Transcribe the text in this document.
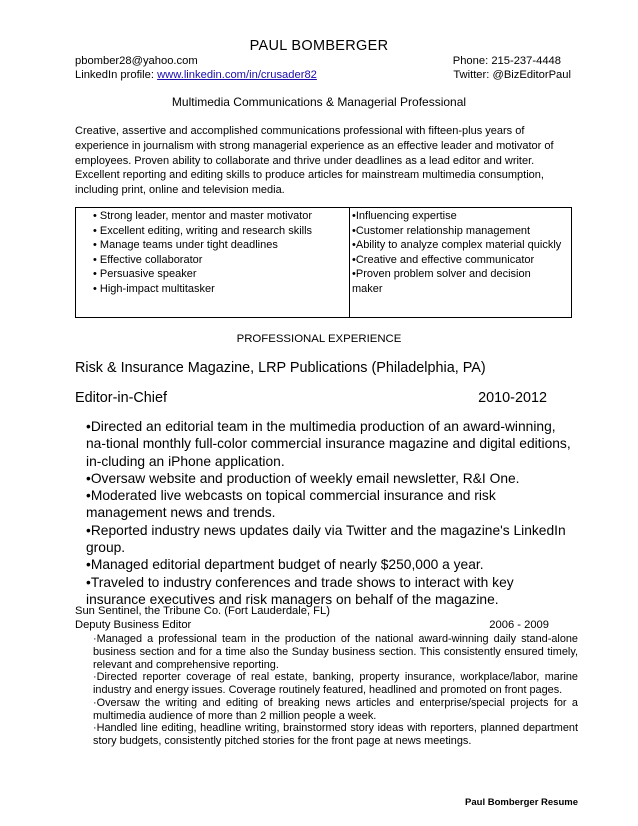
PAUL BOMBERGER
pbomber28@yahoo.com	Phone: 215-237-4448
LinkedIn profile: www.linkedin.com/in/crusader82	Twitter: @BizEditorPaul
Multimedia Communications & Managerial Professional
Creative, assertive and accomplished communications professional with fifteen-plus years of experience in journalism with strong managerial experience as an effective leader and motivator of employees. Proven ability to collaborate and thrive under deadlines as a lead editor and writer. Excellent reporting and editing skills to produce articles for mainstream multimedia consumption, including print, online and television media.
• Strong leader, mentor and master motivator
• Excellent editing, writing and research skills
• Manage teams under tight deadlines
• Effective collaborator
• Persuasive speaker
• High-impact multitasker
•Influencing expertise
•Customer relationship management
•Ability to analyze complex material quickly
•Creative and effective communicator
•Proven problem solver and decision
maker
PROFESSIONAL EXPERIENCE
Risk & Insurance Magazine, LRP Publications (Philadelphia, PA)
Editor-in-Chief	2010-2012

•Directed an editorial team in the multimedia production of an award-winning, na-tional monthly full-color commercial insurance magazine and digital editions, in-cluding an iPhone application.

•Oversaw website and production of weekly email newsletter, R&I One.

•Moderated live webcasts on topical commercial insurance and risk management news and trends.

•Reported industry news updates daily via Twitter and the magazine's LinkedIn group.

•Managed editorial department budget of nearly $250,000 a year.

•Traveled to industry conferences and trade shows to interact with key insurance executives and risk managers on behalf of the magazine.

Sun Sentinel, the Tribune Co. (Fort Lauderdale, FL)
Deputy Business Editor	2006 - 2009

·Managed a professional team in the production of the national award-winning daily stand-alone business section and for a time also the Sunday business section. This consistently ensured timely, relevant and comprehensive reporting.

·Directed reporter coverage of real estate, banking, property insurance, workplace/labor, marine industry and energy issues. Coverage routinely featured, headlined and promoted on front pages.

·Oversaw the writing and editing of breaking news articles and enterprise/special projects for a multimedia audience of more than 2 million people a week.

·Handled line editing, headline writing, brainstormed story ideas with reporters, planned department story budgets, consistently pitched stories for the front page at news meetings.

Paul Bomberger Resume
